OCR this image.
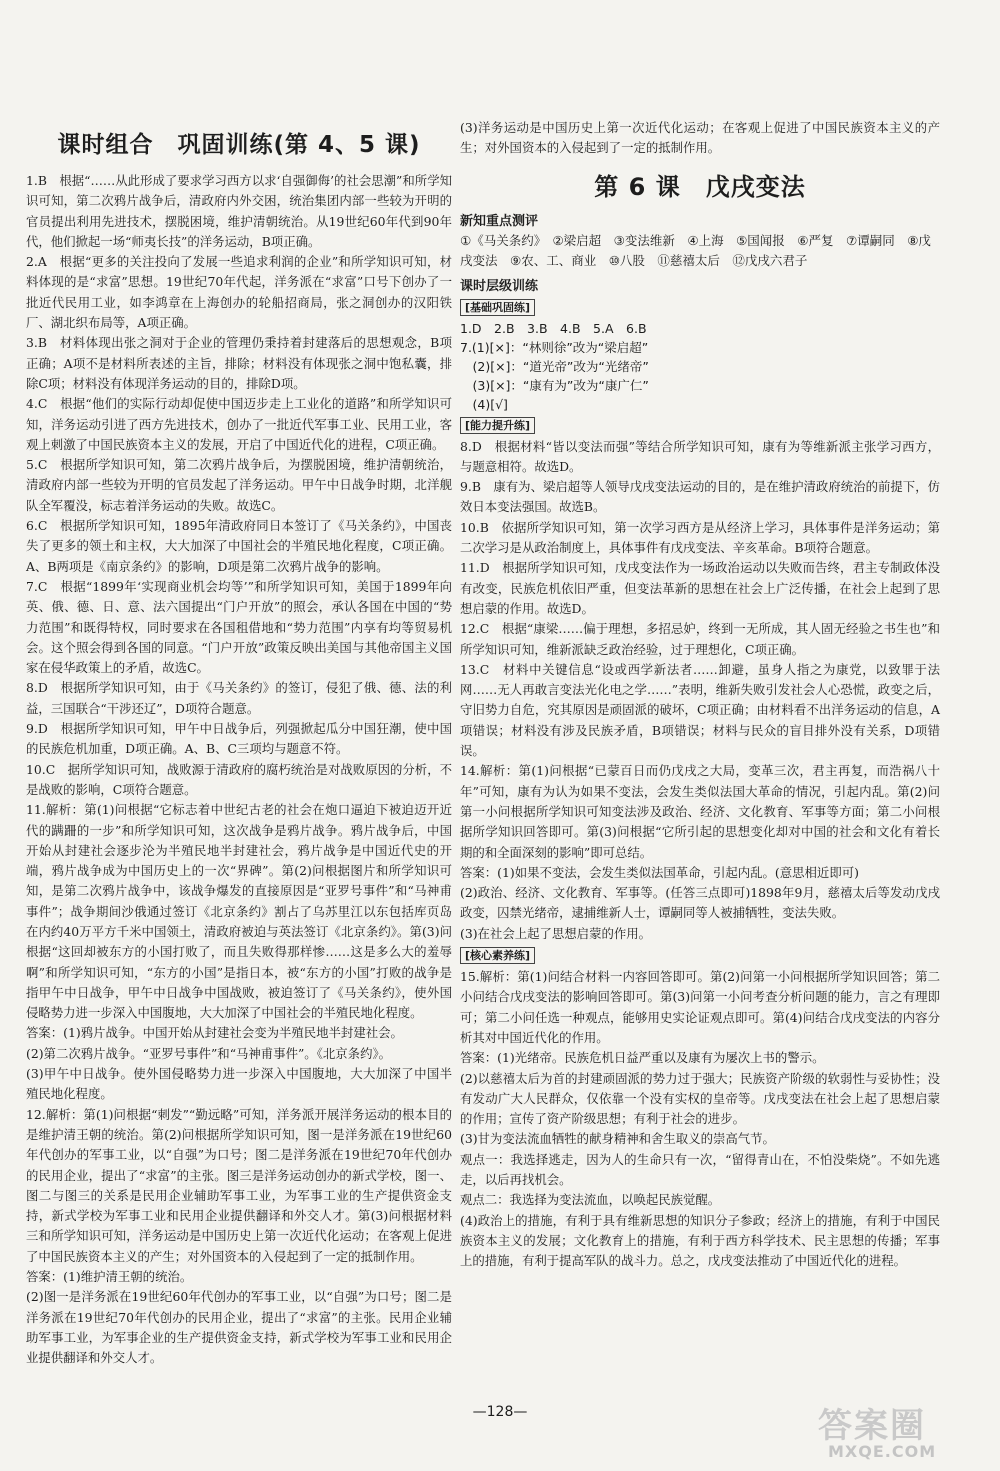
课时组合　巩固训练(第 4、5 课)

1.B　根据“……从此形成了要求学习西方以求‘自强御侮’的社会思潮”和所学知识可知，第二次鸦片战争后，清政府内外交困，统治集团内部一些较为开明的官员提出利用先进技术，摆脱困境，维护清朝统治。从19世纪60年代到90年代，他们掀起一场“师夷长技”的洋务运动，B项正确。

2.A　根据“更多的关注投向了发展一些追求利润的企业”和所学知识可知，材料体现的是“求富”思想。19世纪70年代起，洋务派在“求富”口号下创办了一批近代民用工业，如李鸿章在上海创办的轮船招商局，张之洞创办的汉阳铁厂、湖北织布局等，A项正确。

3.B　材料体现出张之洞对于企业的管理仍秉持着封建落后的思想观念，B项正确；A项不是材料所表述的主旨，排除；材料没有体现张之洞中饱私囊，排除C项；材料没有体现洋务运动的目的，排除D项。

4.C　根据“他们的实际行动却促使中国迈步走上工业化的道路”和所学知识可知，洋务运动引进了西方先进技术，创办了一批近代军事工业、民用工业，客观上刺激了中国民族资本主义的发展，开启了中国近代化的进程，C项正确。

5.C　根据所学知识可知，第二次鸦片战争后，为摆脱困境，维护清朝统治，清政府内部一些较为开明的官员发起了洋务运动。甲午中日战争时期，北洋舰队全军覆没，标志着洋务运动的失败。故选C。

6.C　根据所学知识可知，1895年清政府同日本签订了《马关条约》，中国丧失了更多的领土和主权，大大加深了中国社会的半殖民地化程度，C项正确。A、B两项是《南京条约》的影响，D项是第二次鸦片战争的影响。

7.C　根据“1899年‘实现商业机会均等’”和所学知识可知，美国于1899年向英、俄、德、日、意、法六国提出“门户开放”的照会，承认各国在中国的“势力范围”和既得特权，同时要求在各国租借地和“势力范围”内享有均等贸易机会。这个照会得到各国的同意。“门户开放”政策反映出美国与其他帝国主义国家在侵华政策上的矛盾，故选C。

8.D　根据所学知识可知，由于《马关条约》的签订，侵犯了俄、德、法的利益，三国联合“干涉还辽”，D项符合题意。

9.D　根据所学知识可知，甲午中日战争后，列强掀起瓜分中国狂潮，使中国的民族危机加重，D项正确。A、B、C三项均与题意不符。

10.C　据所学知识可知，战败源于清政府的腐朽统治是对战败原因的分析，不是战败的影响，C项符合题意。

11.解析：第(1)问根据“它标志着中世纪古老的社会在炮口逼迫下被迫迈开近代的蹒跚的一步”和所学知识可知，这次战争是鸦片战争。鸦片战争后，中国开始从封建社会逐步沦为半殖民地半封建社会，鸦片战争是中国近代史的开端，鸦片战争成为中国历史上的一次“界碑”。第(2)问根据图片和所学知识可知，是第二次鸦片战争中，该战争爆发的直接原因是“亚罗号事件”和“马神甫事件”；战争期间沙俄通过签订《北京条约》割占了乌苏里江以东包括库页岛在内约40万平方千米中国领土，清政府被迫与英法签订《北京条约》。第(3)问根据“这回却被东方的小国打败了，而且失败得那样惨……这是多么大的羞辱啊”和所学知识可知，“东方的小国”是指日本，被“东方的小国”打败的战争是指甲午中日战争，甲午中日战争中国战败，被迫签订了《马关条约》，使外国侵略势力进一步深入中国腹地，大大加深了中国社会的半殖民地化程度。

答案：(1)鸦片战争。中国开始从封建社会变为半殖民地半封建社会。

(2)第二次鸦片战争。“亚罗号事件”和“马神甫事件”。《北京条约》。

(3)甲午中日战争。使外国侵略势力进一步深入中国腹地，大大加深了中国半殖民地化程度。

12.解析：第(1)问根据“刺发”“勤远略”可知，洋务派开展洋务运动的根本目的是维护清王朝的统治。第(2)问根据所学知识可知，图一是洋务派在19世纪60年代创办的军事工业，以“自强”为口号；图二是洋务派在19世纪70年代创办的民用企业，提出了“求富”的主张。图三是洋务运动创办的新式学校，图一、图二与图三的关系是民用企业辅助军事工业，为军事工业的生产提供资金支持，新式学校为军事工业和民用企业提供翻译和外交人才。第(3)问根据材料三和所学知识可知，洋务运动是中国历史上第一次近代化运动；在客观上促进了中国民族资本主义的产生；对外国资本的入侵起到了一定的抵制作用。

答案：(1)维护清王朝的统治。

(2)图一是洋务派在19世纪60年代创办的军事工业，以“自强”为口号；图二是洋务派在19世纪70年代创办的民用企业，提出了“求富”的主张。民用企业辅助军事工业，为军事企业的生产提供资金支持，新式学校为军事工业和民用企业提供翻译和外交人才。

(3)洋务运动是中国历史上第一次近代化运动；在客观上促进了中国民族资本主义的产生；对外国资本的入侵起到了一定的抵制作用。

第 6 课　戊戌变法
新知重点测评

①《马关条约》　②梁启超　③变法维新　④上海　⑤国闻报　⑥严复　⑦谭嗣同　⑧戊戌变法　⑨农、工、商业　⑩八股　⑪慈禧太后　⑫戊戌六君子

课时层级训练
[基础巩固练]

1.D　2.B　3.B　4.B　5.A　6.B

7.(1)[×]：“林则徐”改为“梁启超”

　(2)[×]：“道光帝”改为“光绪帝”

　(3)[×]：“康有为”改为“康广仁”

　(4)[√]

[能力提升练]

8.D　根据材料“皆以变法而强”等结合所学知识可知，康有为等维新派主张学习西方，与题意相符。故选D。

9.B　康有为、梁启超等人领导戊戌变法运动的目的，是在维护清政府统治的前提下，仿效日本变法强国。故选B。

10.B　依据所学知识可知，第一次学习西方是从经济上学习，具体事件是洋务运动；第二次学习是从政治制度上，具体事件有戊戌变法、辛亥革命。B项符合题意。

11.D　根据所学知识可知，戊戌变法作为一场政治运动以失败而告终，君主专制政体没有改变，民族危机依旧严重，但变法革新的思想在社会上广泛传播，在社会上起到了思想启蒙的作用。故选D。

12.C　根据“康梁……偏于理想，多招忌妒，终到一无所成，其人固无经验之书生也”和所学知识可知，维新派缺乏政治经验，过于理想化，C项正确。

13.C　材料中关键信息“设或西学新法者……卸避，虽身人指之为康党，以致罪于法网……无人再敢言变法光化电之学……”表明，维新失败引发社会人心恐慌，政变之后，守旧势力自危，究其原因是顽固派的破坏，C项正确；由材料看不出洋务运动的信息，A项错误；材料没有涉及民族矛盾，B项错误；材料与民众的盲目排外没有关系，D项错误。

14.解析：第(1)问根据“已蒙百日而仍戊戌之大局，变革三次，君主再复，而浩祸八十年”可知，康有为认为如果不变法，会发生类似法国大革命的情况，引起内乱。第(2)问第一小问根据所学知识可知变法涉及政治、经济、文化教育、军事等方面；第二小问根据所学知识回答即可。第(3)问根据“它所引起的思想变化却对中国的社会和文化有着长期的和全面深刻的影响”即可总结。

答案：(1)如果不变法，会发生类似法国革命，引起内乱。(意思相近即可)

(2)政治、经济、文化教育、军事等。(任答三点即可)1898年9月，慈禧太后等发动戊戌政变，囚禁光绪帝，逮捕维新人士，谭嗣同等人被捕牺牲，变法失败。

(3)在社会上起了思想启蒙的作用。

[核心素养练]

15.解析：第(1)问结合材料一内容回答即可。第(2)问第一小问根据所学知识回答；第二小问结合戊戌变法的影响回答即可。第(3)问第一小问考查分析问题的能力，言之有理即可；第二小问任选一种观点，能够用史实论证观点即可。第(4)问结合戊戌变法的内容分析其对中国近代化的作用。

答案：(1)光绪帝。民族危机日益严重以及康有为屡次上书的警示。

(2)以慈禧太后为首的封建顽固派的势力过于强大；民族资产阶级的软弱性与妥协性；没有发动广大人民群众，仅依靠一个没有实权的皇帝等。戊戌变法在社会上起了思想启蒙的作用；宣传了资产阶级思想；有利于社会的进步。

(3)甘为变法流血牺牲的献身精神和舍生取义的崇高气节。

观点一：我选择逃走，因为人的生命只有一次，“留得青山在，不怕没柴烧”。不如先逃走，以后再找机会。

观点二：我选择为变法流血，以唤起民族觉醒。

(4)政治上的措施，有利于具有维新思想的知识分子参政；经济上的措施，有利于中国民族资本主义的发展；文化教育上的措施，有利于西方科学技术、民主思想的传播；军事上的措施，有利于提高军队的战斗力。总之，戊戌变法推动了中国近代化的进程。

—128—	答案圈
MXQE.COM
